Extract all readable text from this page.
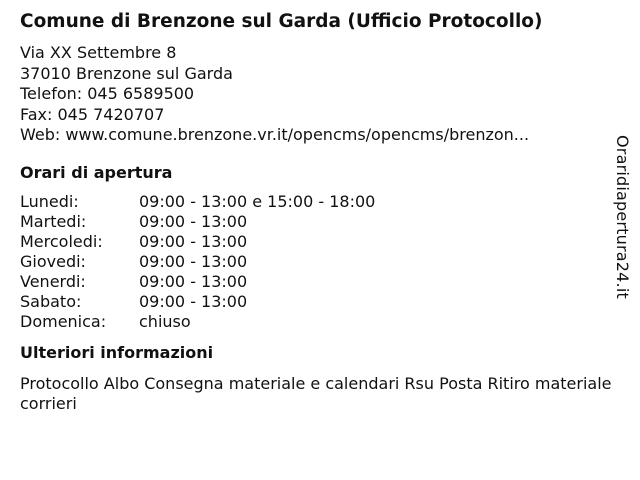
Comune di Brenzone sul Garda (Ufficio Protocollo)
Via XX Settembre 8
37010 Brenzone sul Garda
Telefon: 045 6589500
Fax: 045 7420707
Web: www.comune.brenzone.vr.it/opencms/opencms/brenzon...
Orari di apertura
Lunedi:	09:00 - 13:00 e 15:00 - 18:00
Martedi:	09:00 - 13:00
Mercoledi:	09:00 - 13:00
Giovedi:	09:00 - 13:00
Venerdi:	09:00 - 13:00
Sabato:	09:00 - 13:00
Domenica:	chiuso
Ulteriori informazioni
Protocollo Albo Consegna materiale e calendari Rsu Posta Ritiro materiale corrieri
Oraridiapertura24.it
